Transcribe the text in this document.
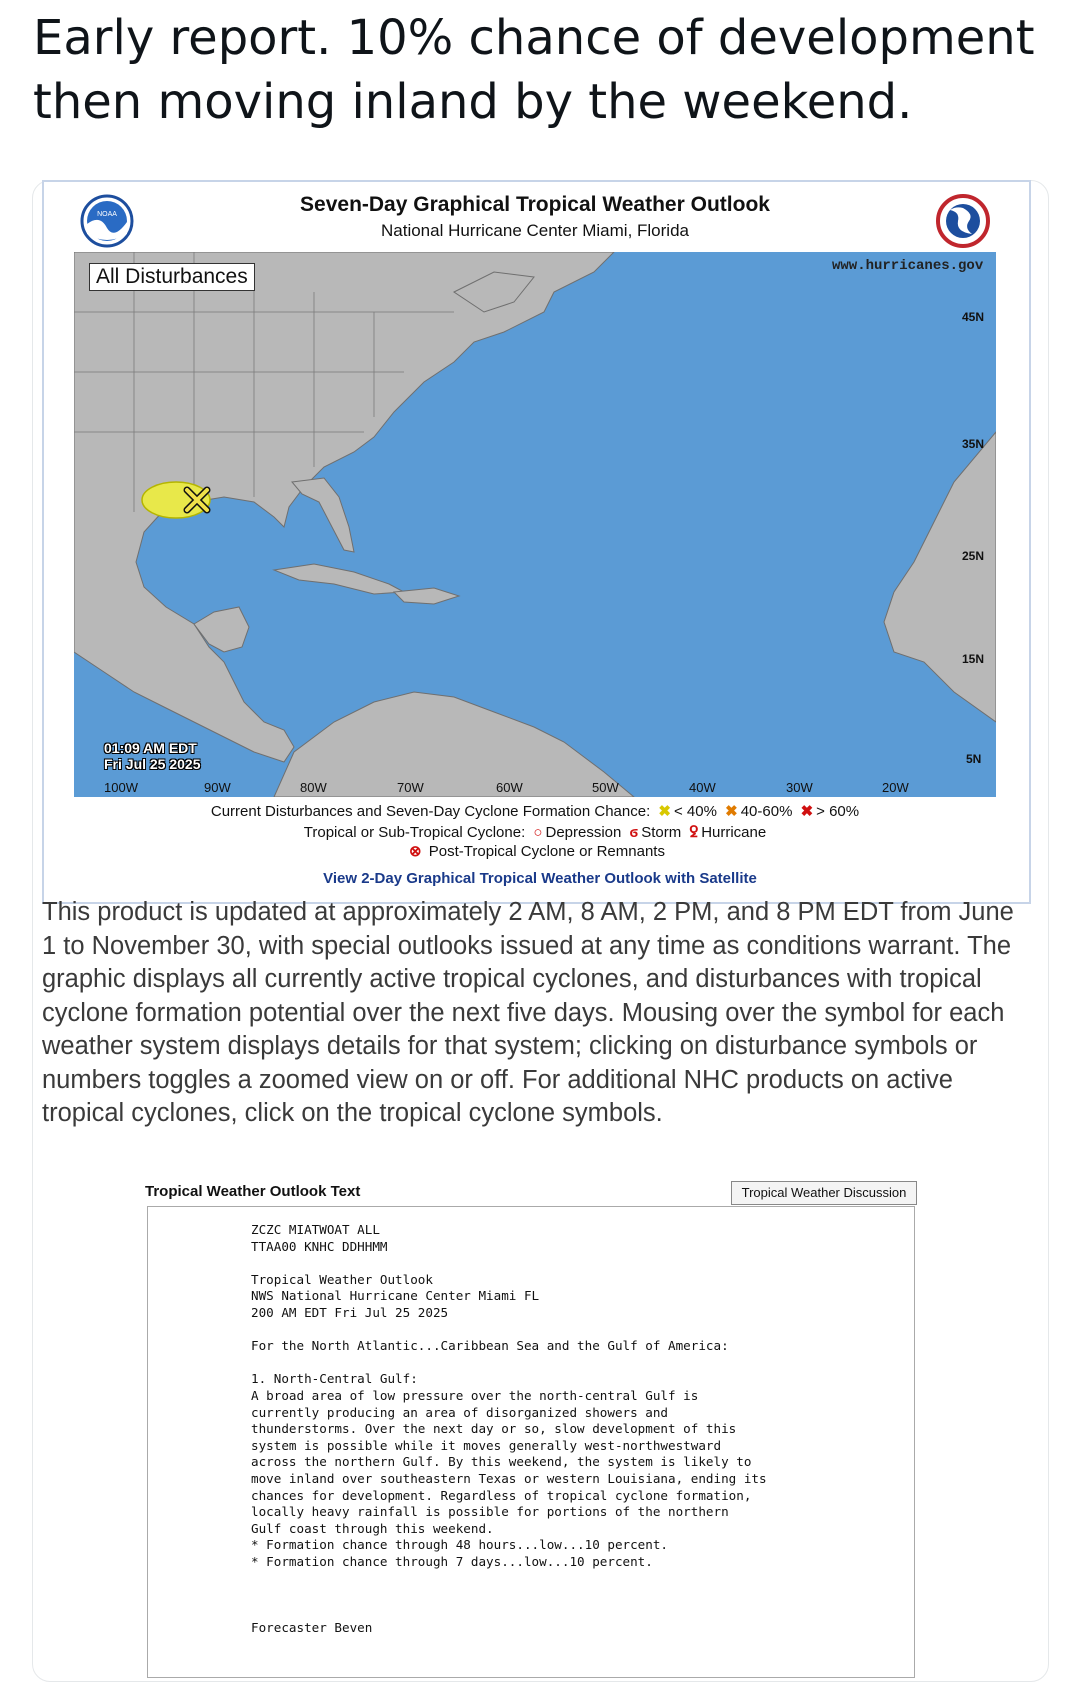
Early report. 10% chance of development
then moving inland by the weekend.
NOAA	Seven-Day Graphical Tropical Weather Outlook
National Hurricane Center Miami, Florida
All Disturbances	www.hurricanes.gov
45N
35N
25N
15N
5N
100W	90W	80W	70W	60W	50W	40W	30W	20W
01:09 AM EDT
Fri Jul 25 2025
Current Disturbances and Seven-Day Cyclone Formation Chance: ✖ < 40% ✖ 40-60% ✖ > 60%
Tropical or Sub-Tropical Cyclone: ○ Depression ϭ Storm ꝿ Hurricane
⊗ Post-Tropical Cyclone or Remnants
View 2-Day Graphical Tropical Weather Outlook with Satellite
This product is updated at approximately 2 AM, 8 AM, 2 PM, and 8 PM EDT from June 1 to November 30, with special outlooks issued at any time as conditions warrant. The graphic displays all currently active tropical cyclones, and disturbances with tropical cyclone formation potential over the next five days. Mousing over the symbol for each weather system displays details for that system; clicking on disturbance symbols or numbers toggles a zoomed view on or off. For additional NHC products on active tropical cyclones, click on the tropical cyclone symbols.
Tropical Weather Outlook Text	Tropical Weather Discussion
ZCZC MIATWOAT ALL
TTAA00 KNHC DDHHMM

Tropical Weather Outlook
NWS National Hurricane Center Miami FL
200 AM EDT Fri Jul 25 2025

For the North Atlantic...Caribbean Sea and the Gulf of America:

1. North-Central Gulf:
A broad area of low pressure over the north-central Gulf is
currently producing an area of disorganized showers and
thunderstorms. Over the next day or so, slow development of this
system is possible while it moves generally west-northwestward
across the northern Gulf. By this weekend, the system is likely to
move inland over southeastern Texas or western Louisiana, ending its
chances for development. Regardless of tropical cyclone formation,
locally heavy rainfall is possible for portions of the northern
Gulf coast through this weekend.
* Formation chance through 48 hours...low...10 percent.
* Formation chance through 7 days...low...10 percent.

Forecaster Beven
